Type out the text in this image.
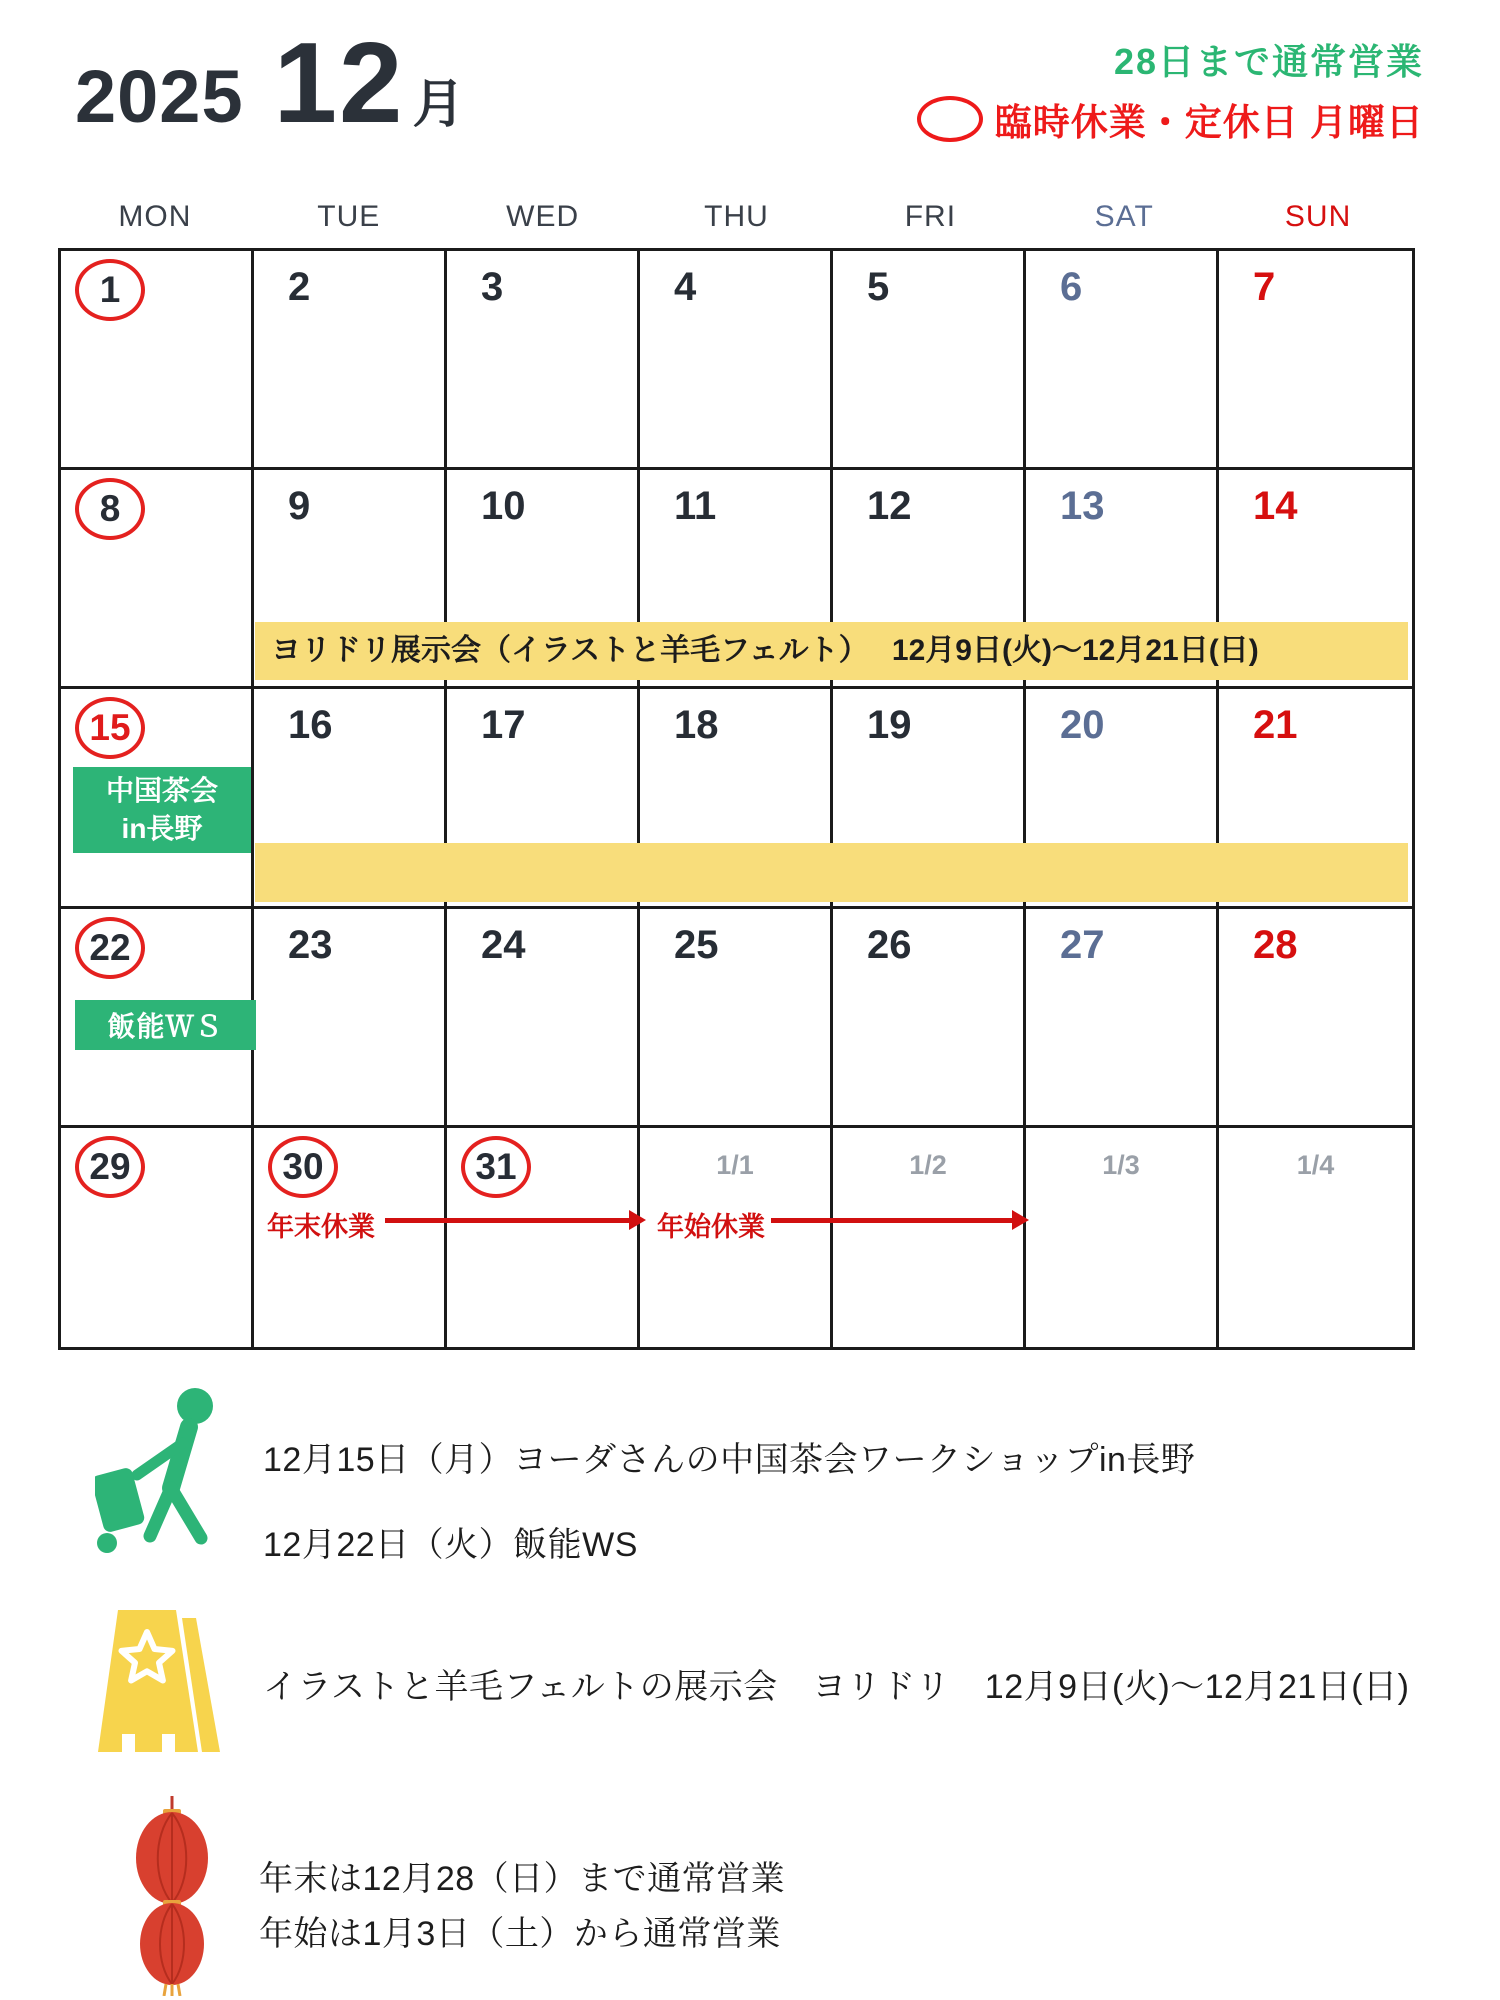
2025 12 月
28日まで通常営業
臨時休業・定休日 月曜日
MON	TUE	WED	THU	FRI	SAT	SUN
1	2	3	4	5	6	7
8	9	10	11	12	13	14
15	16	17	18	19	20	21
22	23	24	25	26	27	28
29	30	31	1/1	1/2	1/3	1/4
ヨリドリ展示会（イラストと羊毛フェルト）　 12月9日(火)～12月21日(日)
中国茶会
in長野
飯能ＷＳ
年末休業	年始休業
12月15日（月）ヨーダさんの中国茶会ワークショップin長野
12月22日（火）飯能WS
イラストと羊毛フェルトの展示会　ヨリドリ　12月9日(火)～12月21日(日)
年末は12月28（日）まで通常営業
年始は1月3日（土）から通常営業
